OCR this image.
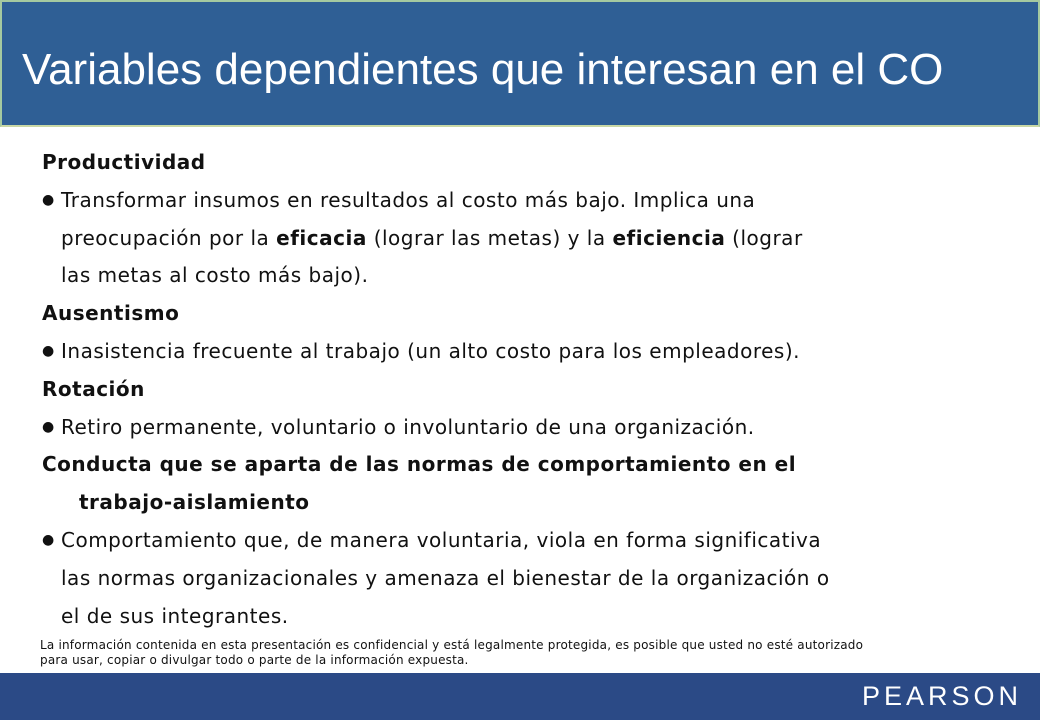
Variables dependientes que interesan en el CO
Productividad
● Transformar insumos en resultados al costo más bajo. Implica una
preocupación por la eficacia (lograr las metas) y la eficiencia (lograr
las metas al costo más bajo).
Ausentismo
● Inasistencia frecuente al trabajo (un alto costo para los empleadores).
Rotación
● Retiro permanente, voluntario o involuntario de una organización.
Conducta que se aparta de las normas de comportamiento en el
trabajo-aislamiento
● Comportamiento que, de manera voluntaria, viola en forma significativa
las normas organizacionales y amenaza el bienestar de la organización o
el de sus integrantes.
La información contenida en esta presentación es confidencial y está legalmente protegida, es posible que usted no esté autorizado
para usar, copiar o divulgar todo o parte de la información expuesta.
PEARSON
